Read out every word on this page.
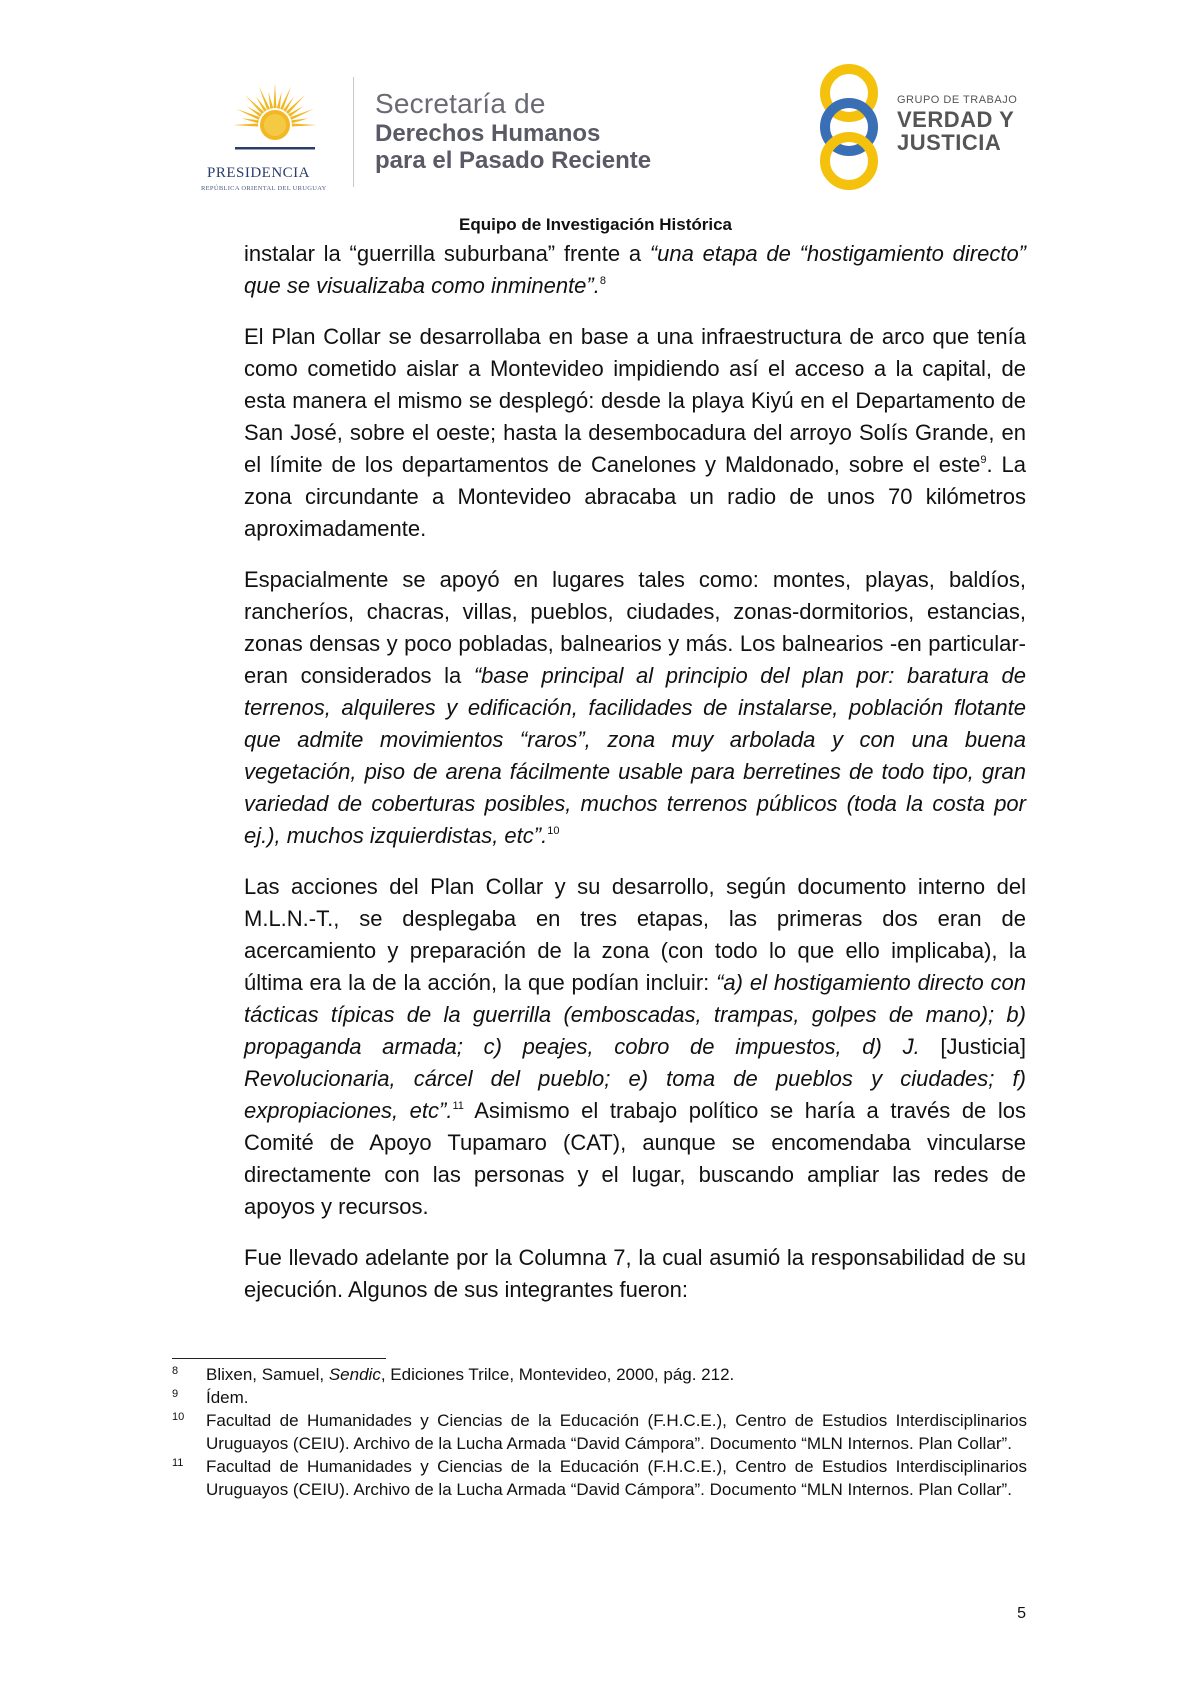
PRESIDENCIA
REPÚBLICA ORIENTAL DEL URUGUAY
Secretaría de
Derechos Humanos
para el Pasado Reciente
GRUPO DE TRABAJO
VERDAD Y
JUSTICIA
Equipo de Investigación Histórica

instalar la “guerrilla suburbana” frente a “una etapa de “hostigamiento directo” que se visualizaba como inminente”.$^8$

El Plan Collar se desarrollaba en base a una infraestructura de arco que tenía como cometido aislar a Montevideo impidiendo así el acceso a la capital, de esta manera el mismo se desplegó: desde la playa Kiyú en el Departamento de San José, sobre el oeste; hasta la desembocadura del arroyo Solís Grande, en el límite de los departamentos de Canelones y Maldonado, sobre el este$^9$. La zona circundante a Montevideo abracaba un radio de unos 70 kilómetros aproximadamente.

Espacialmente se apoyó en lugares tales como: montes, playas, baldíos, rancheríos, chacras, villas, pueblos, ciudades, zonas-dormitorios, estancias, zonas densas y poco pobladas, balnearios y más. Los balnearios -en particular- eran considerados la “base principal al principio del plan por: baratura de terrenos, alquileres y edificación, facilidades de instalarse, población flotante que admite movimientos “raros”, zona muy arbolada y con una buena vegetación, piso de arena fácilmente usable para berretines de todo tipo, gran variedad de coberturas posibles, muchos terrenos públicos (toda la costa por ej.), muchos izquierdistas, etc”.$^{10}$

Las acciones del Plan Collar y su desarrollo, según documento interno del M.L.N.-T., se desplegaba en tres etapas, las primeras dos eran de acercamiento y preparación de la zona (con todo lo que ello implicaba), la última era la de la acción, la que podían incluir: “a) el hostigamiento directo con tácticas típicas de la guerrilla (emboscadas, trampas, golpes de mano); b) propaganda armada; c) peajes, cobro de impuestos, d) J. [Justicia] Revolucionaria, cárcel del pueblo; e) toma de pueblos y ciudades; f) expropiaciones, etc”.$^{11}$ Asimismo el trabajo político se haría a través de los Comité de Apoyo Tupamaro (CAT), aunque se encomendaba vincularse directamente con las personas y el lugar, buscando ampliar las redes de apoyos y recursos.

Fue llevado adelante por la Columna 7, la cual asumió la responsabilidad de su ejecución. Algunos de sus integrantes fueron:

8	Blixen, Samuel, Sendic, Ediciones Trilce, Montevideo, 2000, pág. 212.
9	Ídem.
10	Facultad de Humanidades y Ciencias de la Educación (F.H.C.E.), Centro de Estudios Interdisciplinarios Uruguayos (CEIU). Archivo de la Lucha Armada “David Cámpora”. Documento “MLN Internos. Plan Collar”.
11	Facultad de Humanidades y Ciencias de la Educación (F.H.C.E.), Centro de Estudios Interdisciplinarios Uruguayos (CEIU). Archivo de la Lucha Armada “David Cámpora”. Documento “MLN Internos. Plan Collar”.
5
